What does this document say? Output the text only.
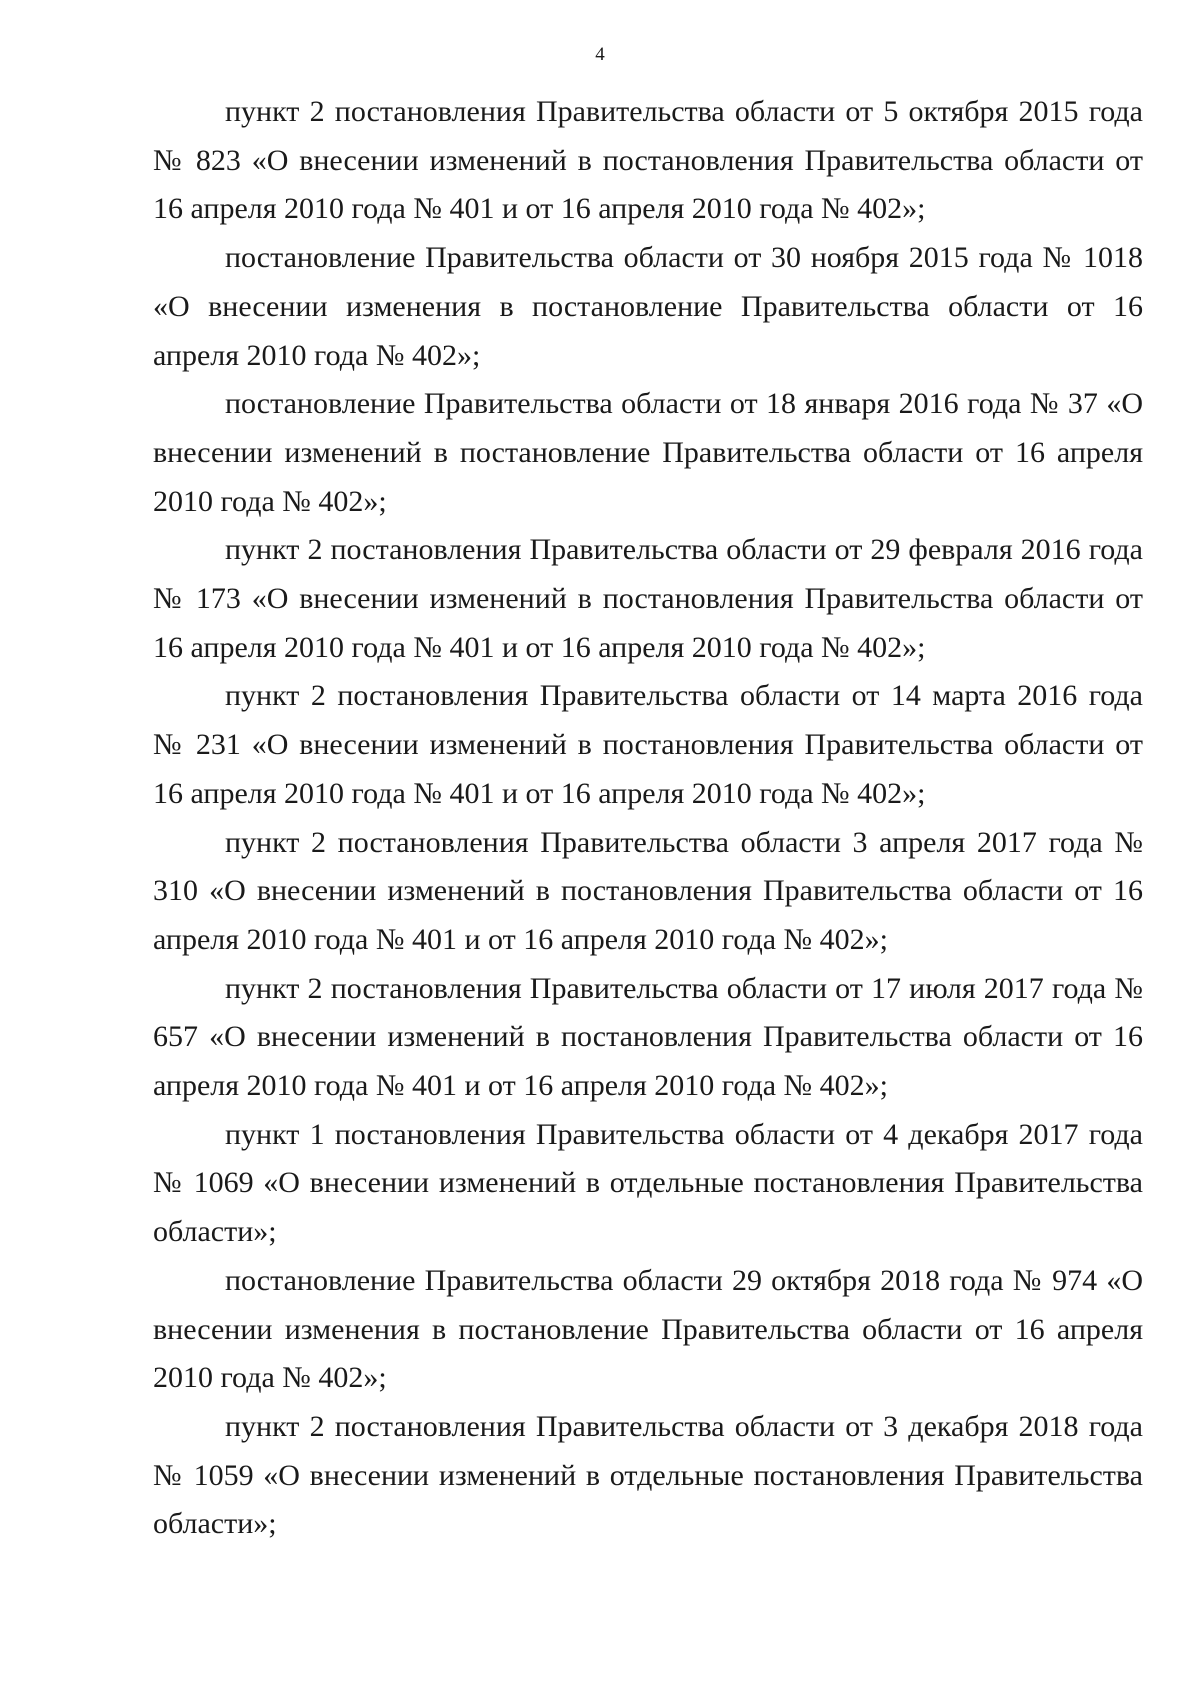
4

пункт 2 постановления Правительства области от 5 октября 2015 года № 823 «О внесении изменений в постановления Правительства области от 16 апреля 2010 года № 401 и от 16 апреля 2010 года № 402»;

постановление Правительства области от 30 ноября 2015 года № 1018 «О внесении изменения в постановление Правительства области от 16 апреля 2010 года № 402»;

постановление Правительства области от 18 января 2016 года № 37 «О внесении изменений в постановление Правительства области от 16 апреля 2010 года № 402»;

пункт 2 постановления Правительства области от 29 февраля 2016 года № 173 «О внесении изменений в постановления Правительства области от 16 апреля 2010 года № 401 и от 16 апреля 2010 года № 402»;

пункт 2 постановления Правительства области от 14 марта 2016 года № 231 «О внесении изменений в постановления Правительства области от 16 апреля 2010 года № 401 и от 16 апреля 2010 года № 402»;

пункт 2 постановления Правительства области 3 апреля 2017 года № 310 «О внесении изменений в постановления Правительства области от 16 апреля 2010 года № 401 и от 16 апреля 2010 года № 402»;

пункт 2 постановления Правительства области от 17 июля 2017 года № 657 «О внесении изменений в постановления Правительства области от 16 апреля 2010 года № 401 и от 16 апреля 2010 года № 402»;

пункт 1 постановления Правительства области от 4 декабря 2017 года № 1069 «О внесении изменений в отдельные постановления Правительства области»;

постановление Правительства области 29 октября 2018 года № 974 «О внесении изменения в постановление Правительства области от 16 апреля 2010 года № 402»;

пункт 2 постановления Правительства области от 3 декабря 2018 года № 1059 «О внесении изменений в отдельные постановления Правительства области»;
